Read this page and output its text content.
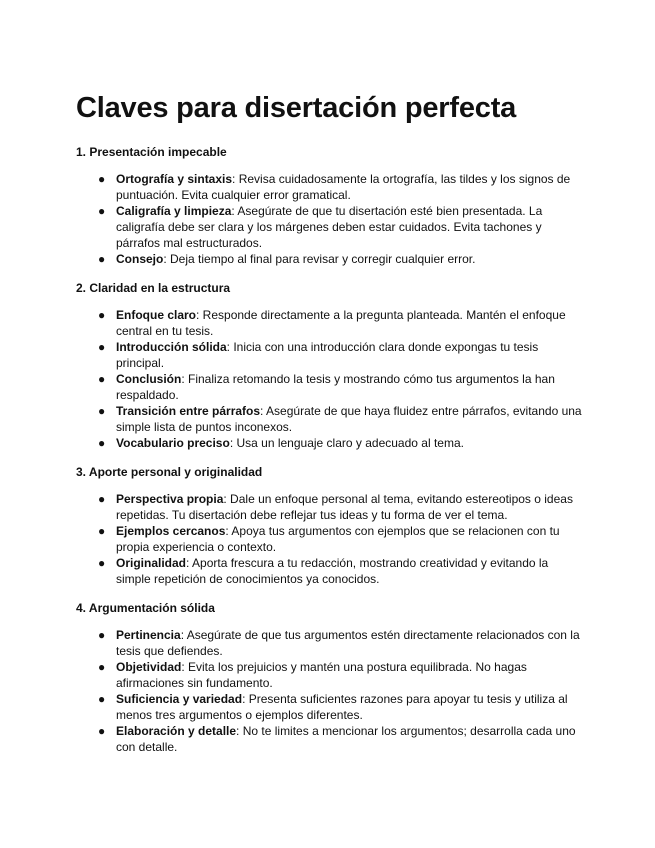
Claves para disertación perfecta
1. Presentación impecable
● Ortografía y sintaxis: Revisa cuidadosamente la ortografía, las tildes y los signos de puntuación. Evita cualquier error gramatical.
● Caligrafía y limpieza: Asegúrate de que tu disertación esté bien presentada. La caligrafía debe ser clara y los márgenes deben estar cuidados. Evita tachones y párrafos mal estructurados.
● Consejo: Deja tiempo al final para revisar y corregir cualquier error.
2. Claridad en la estructura
● Enfoque claro: Responde directamente a la pregunta planteada. Mantén el enfoque central en tu tesis.
● Introducción sólida: Inicia con una introducción clara donde expongas tu tesis principal.
● Conclusión: Finaliza retomando la tesis y mostrando cómo tus argumentos la han respaldado.
● Transición entre párrafos: Asegúrate de que haya fluidez entre párrafos, evitando una simple lista de puntos inconexos.
● Vocabulario preciso: Usa un lenguaje claro y adecuado al tema.
3. Aporte personal y originalidad
● Perspectiva propia: Dale un enfoque personal al tema, evitando estereotipos o ideas repetidas. Tu disertación debe reflejar tus ideas y tu forma de ver el tema.
● Ejemplos cercanos: Apoya tus argumentos con ejemplos que se relacionen con tu propia experiencia o contexto.
● Originalidad: Aporta frescura a tu redacción, mostrando creatividad y evitando la simple repetición de conocimientos ya conocidos.
4. Argumentación sólida
● Pertinencia: Asegúrate de que tus argumentos estén directamente relacionados con la tesis que defiendes.
● Objetividad: Evita los prejuicios y mantén una postura equilibrada. No hagas afirmaciones sin fundamento.
● Suficiencia y variedad: Presenta suficientes razones para apoyar tu tesis y utiliza al menos tres argumentos o ejemplos diferentes.
● Elaboración y detalle: No te limites a mencionar los argumentos; desarrolla cada uno con detalle.
